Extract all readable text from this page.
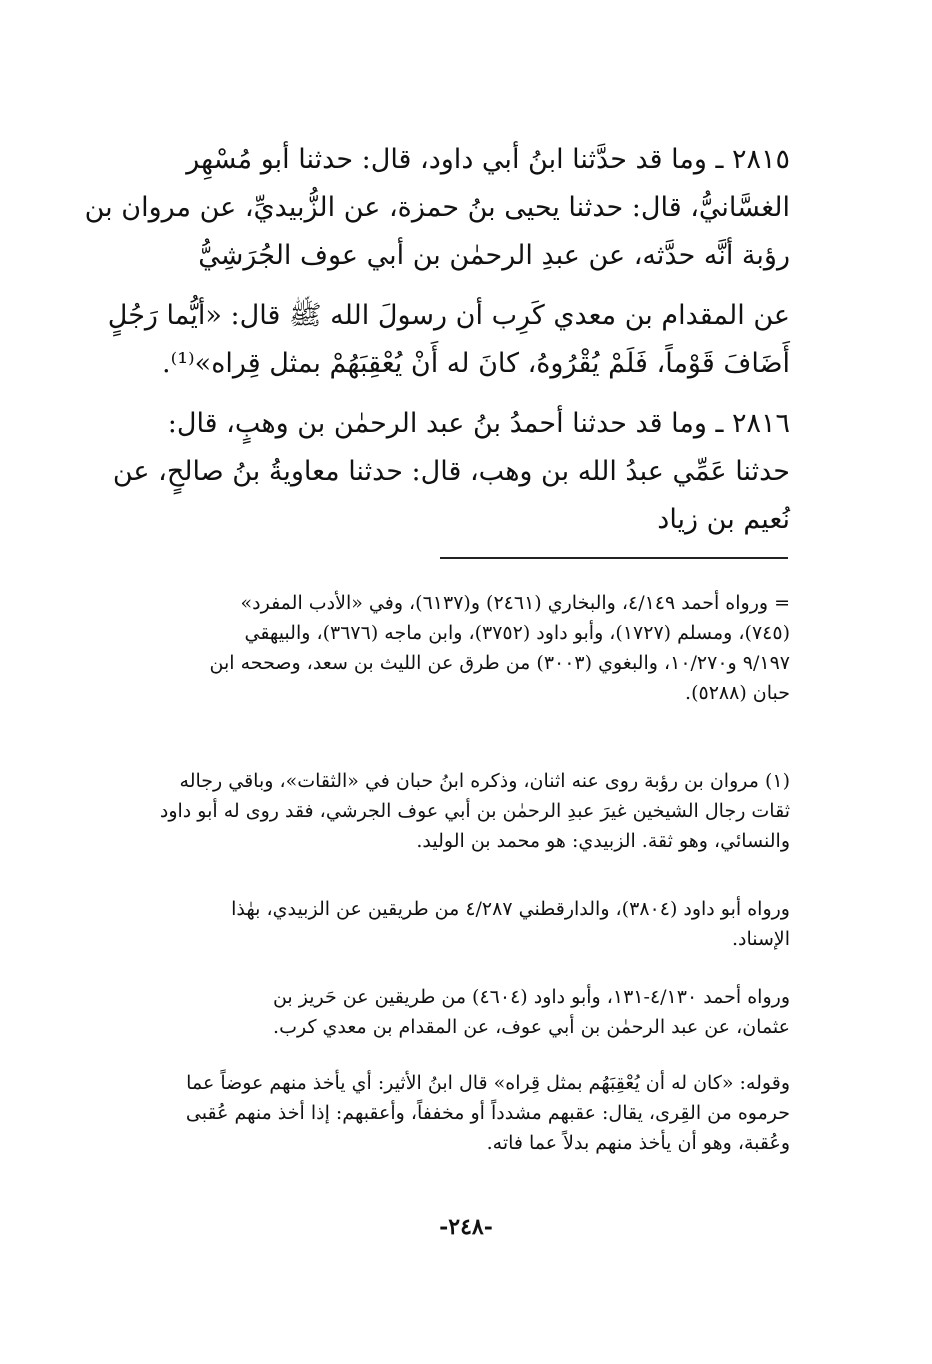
٢٨١٥ ـ وما قد حدَّثنا ابنُ أبي داود، قال: حدثنا أبو مُسْهِر
الغسَّانيُّ، قال: حدثنا يحيى بنُ حمزة، عن الزُّبيديِّ، عن مروان بن
رؤبة أنَّه حدَّثه، عن عبدِ الرحمٰن بن أبي عوف الجُرَشِيُّ

عن المقدام بن معدي كَرِب أن رسولَ الله ﷺ قال: «أيُّما رَجُلٍ
أَضَافَ قَوْماً، فَلَمْ يُقْرُوهُ، كانَ له أَنْ يُعْقِبَهُمْ بمثل قِراه»⁽¹⁾.

٢٨١٦ ـ وما قد حدثنا أحمدُ بنُ عبد الرحمٰن بن وهبٍ، قال:
حدثنا عَمِّي عبدُ الله بن وهب، قال: حدثنا معاويةُ بنُ صالحٍ، عن
نُعيم بن زياد

= ورواه أحمد ٤/١٤٩، والبخاري (٢٤٦١) و(٦١٣٧)، وفي «الأدب المفرد»
(٧٤٥)، ومسلم (١٧٢٧)، وأبو داود (٣٧٥٢)، وابن ماجه (٣٦٧٦)، والبيهقي
٩/١٩٧ و١٠/٢٧٠، والبغوي (٣٠٠٣) من طرق عن الليث بن سعد، وصححه ابن
حبان (٥٢٨٨).

(١) مروان بن رؤبة روى عنه اثنان، وذكره ابنُ حبان في «الثقات»، وباقي رجاله
ثقات رجال الشيخين غيرَ عبدِ الرحمٰن بن أبي عوف الجرشي، فقد روى له أبو داود
والنسائي، وهو ثقة. الزبيدي: هو محمد بن الوليد.

ورواه أبو داود (٣٨٠٤)، والدارقطني ٤/٢٨٧ من طريقين عن الزبيدي، بهٰذا
الإسناد.

ورواه أحمد ٤/١٣٠-١٣١، وأبو داود (٤٦٠٤) من طريقين عن حَريز بن
عثمان، عن عبد الرحمٰن بن أبي عوف، عن المقدام بن معدي كرب.

وقوله: «كان له أن يُعْقِبَهُم بمثل قِراه» قال ابنُ الأثير: أي يأخذ منهم عوضاً عما
حرموه من القِرى، يقال: عقبهم مشدداً أو مخففاً، وأعقبهم: إذا أخذ منهم عُقبى
وعُقبة، وهو أن يأخذ منهم بدلاً عما فاته.

-٢٤٨-
